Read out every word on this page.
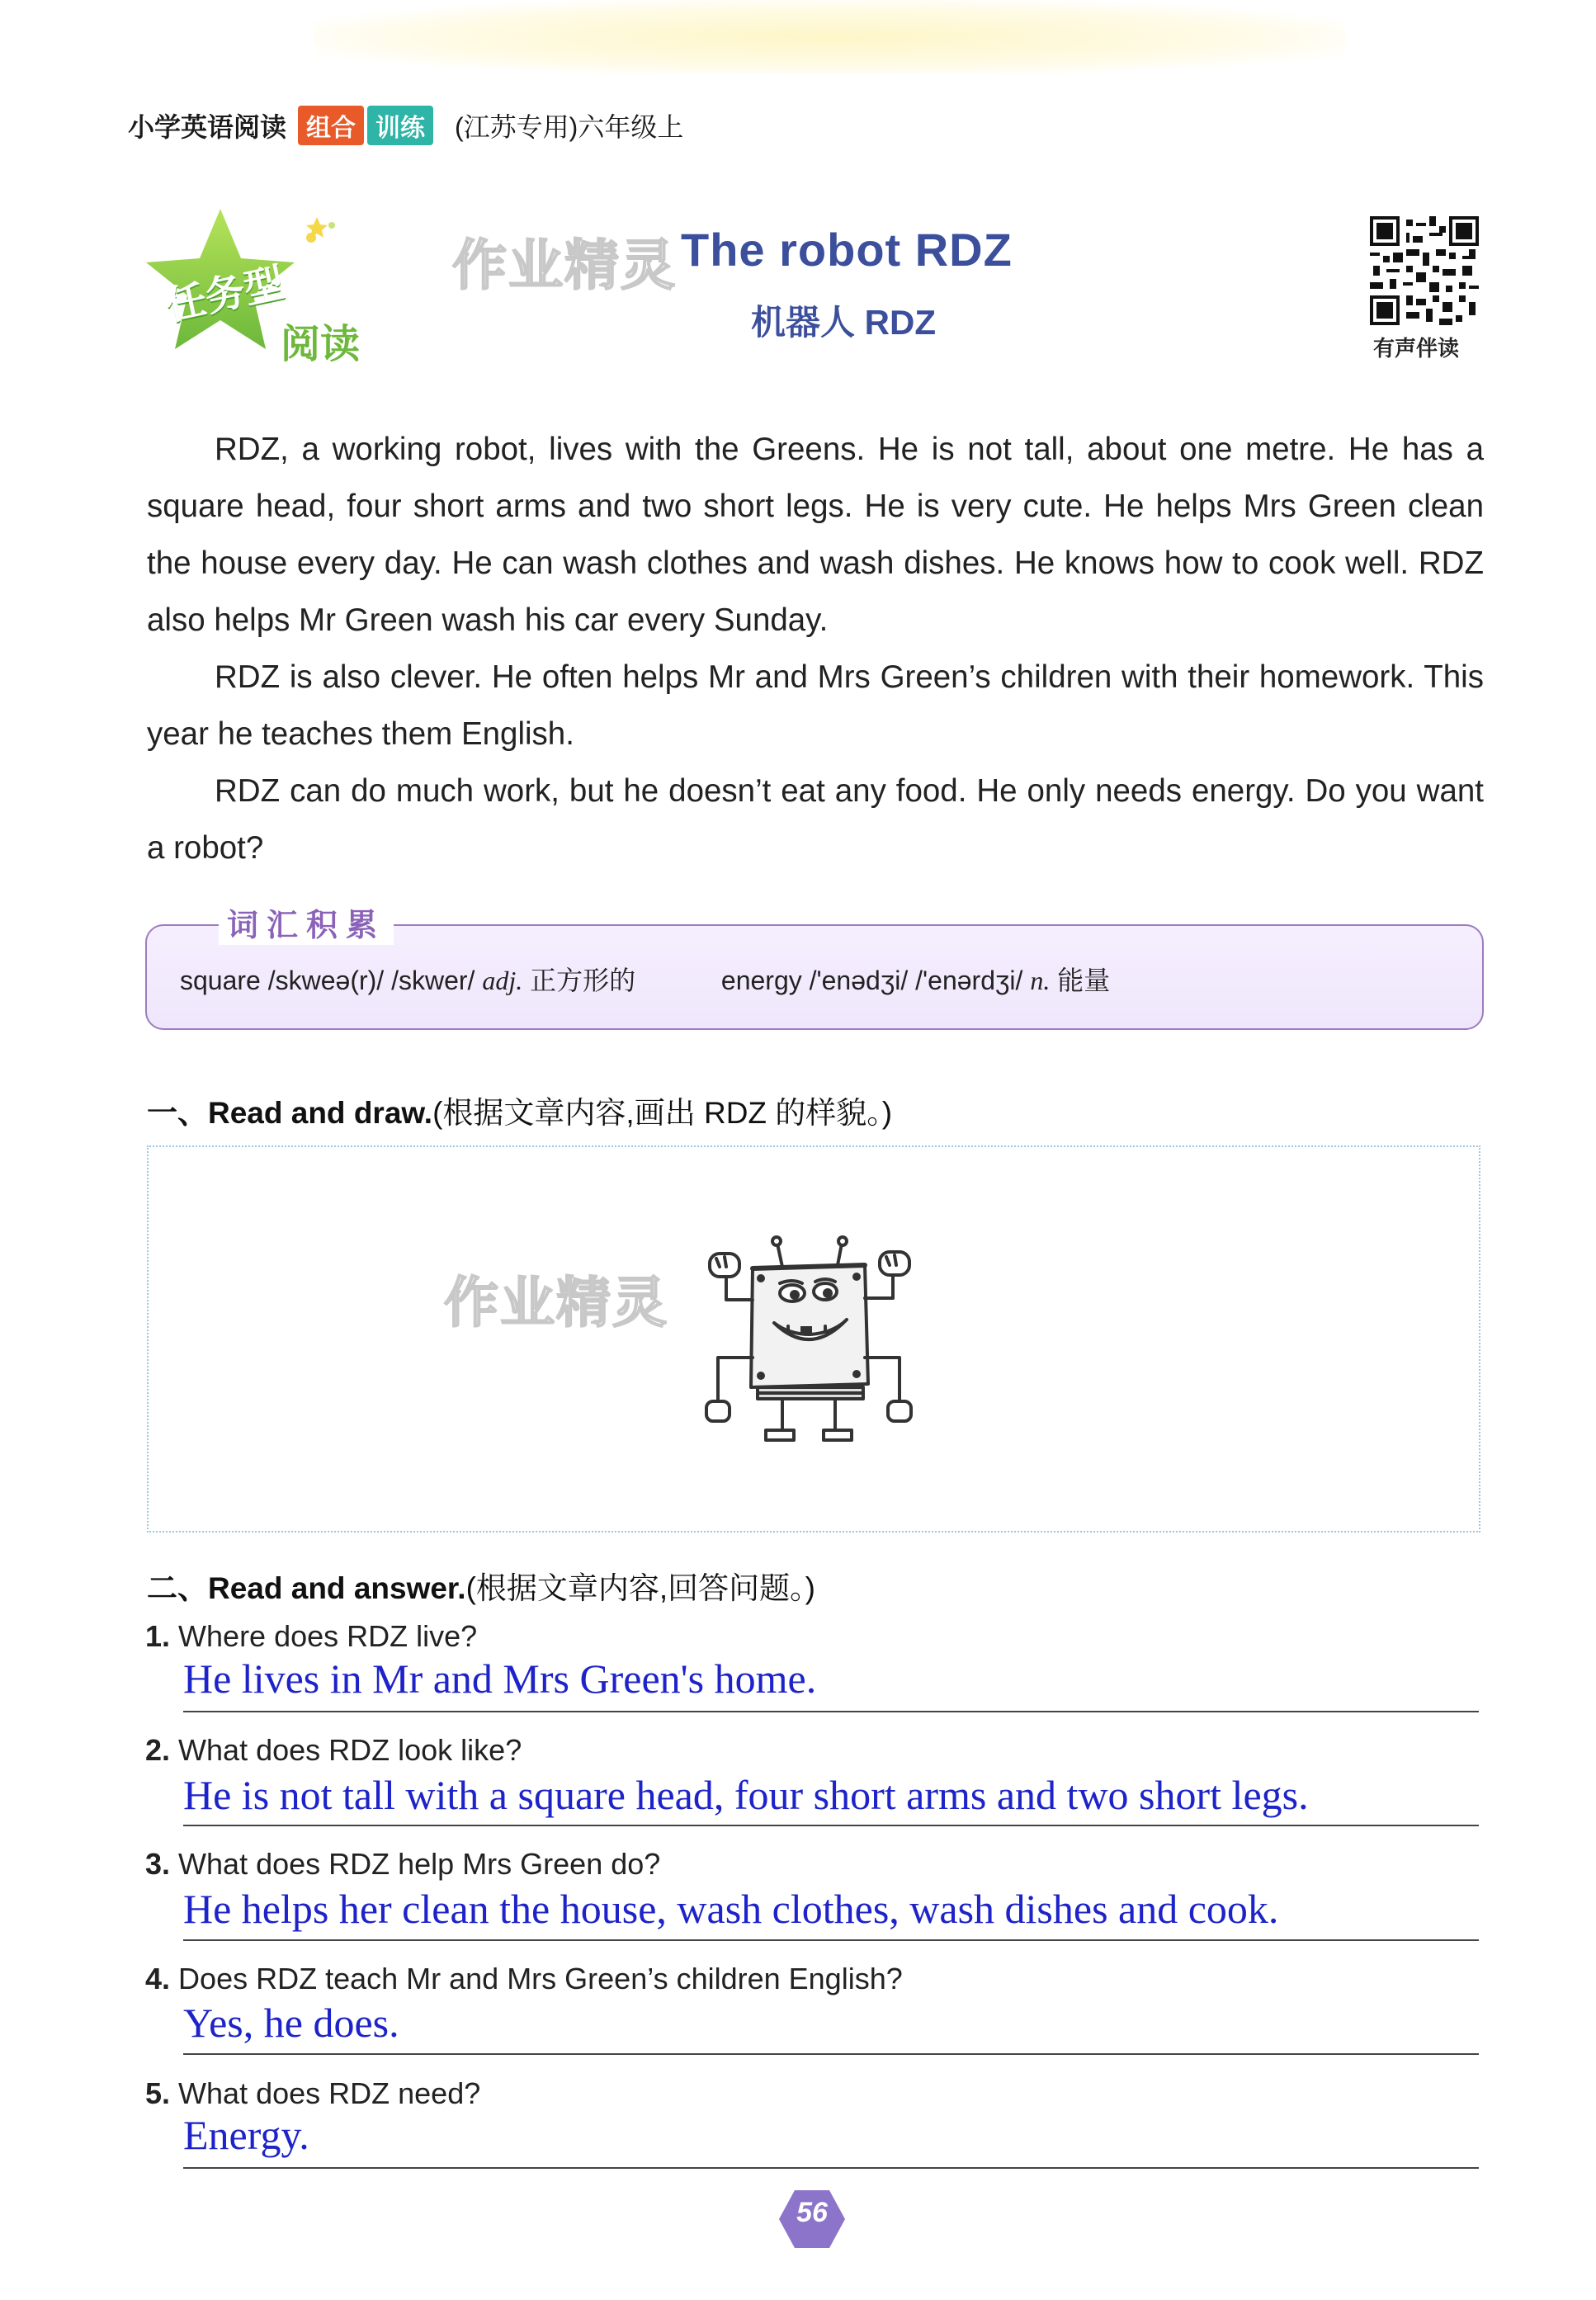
小学英语阅读 组合 训练	(江苏专用)六年级上
任务型
阅读
作业精灵 The robot RDZ
机器人 RDZ
有声伴读

RDZ, a working robot, lives with the Greens. He is not tall, about one metre. He has a square head, four short arms and two short legs. He is very cute. He helps Mrs Green clean the house every day. He can wash clothes and wash dishes. He knows how to cook well. RDZ also helps Mr Green wash his car every Sunday.

RDZ is also clever. He often helps Mr and Mrs Green’s children with their homework. This year he teaches them English.

RDZ can do much work, but he doesn’t eat any food. He only needs energy. Do you want a robot?

词汇积累
square /skweə(r)/ /skwer/ adj. 正方形的	energy /'enədʒi/ /'enərdʒi/ n. 能量
一、Read and draw.(根据文章内容,画出 RDZ 的样貌。)
作业精灵
二、Read and answer.(根据文章内容,回答问题。)
1. Where does RDZ live?
He lives in Mr and Mrs Green's home.
2. What does RDZ look like?
He is not tall with a square head, four short arms and two short legs.
3. What does RDZ help Mrs Green do?
He helps her clean the house, wash clothes, wash dishes and cook.
4. Does RDZ teach Mr and Mrs Green’s children English?
Yes, he does.
5. What does RDZ need?
Energy.
56
